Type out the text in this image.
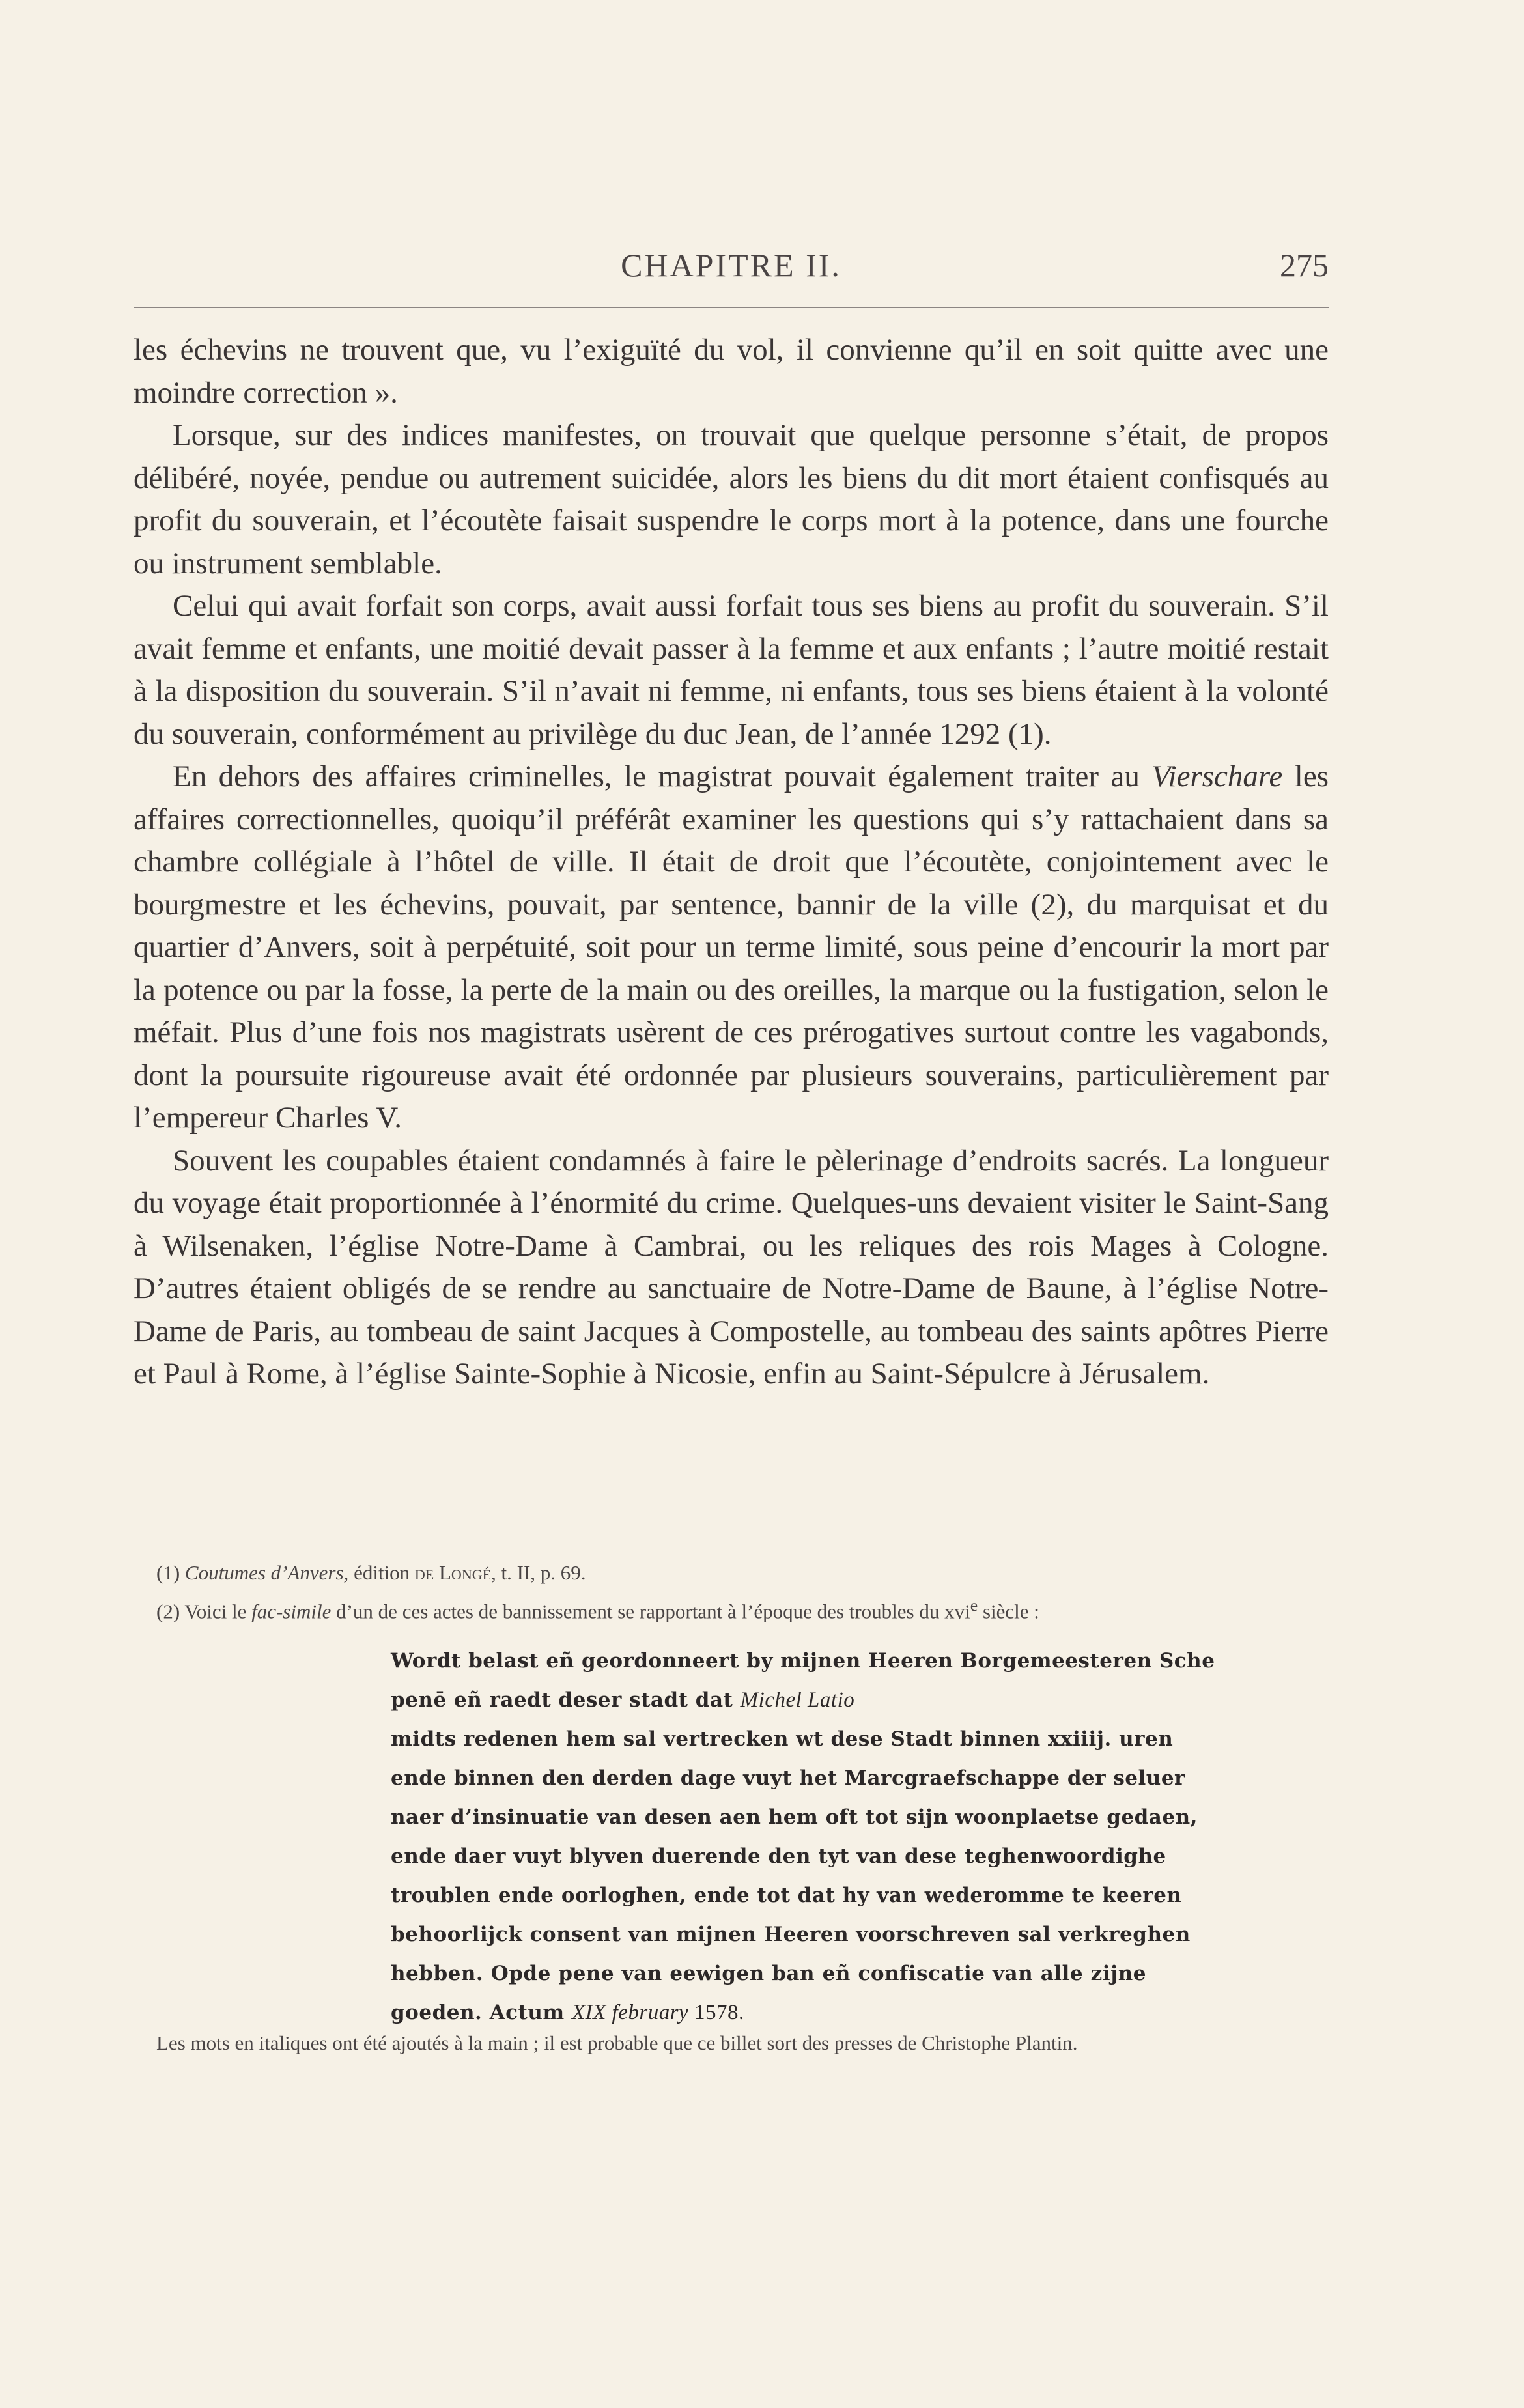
CHAPITRE II.	275

les échevins ne trouvent que, vu l’exiguïté du vol, il convienne qu’il en soit quitte avec une moindre correction ».

Lorsque, sur des indices manifestes, on trouvait que quelque personne s’était, de propos délibéré, noyée, pendue ou autrement suicidée, alors les biens du dit mort étaient confisqués au profit du souverain, et l’écoutète faisait suspendre le corps mort à la potence, dans une fourche ou instrument semblable.

Celui qui avait forfait son corps, avait aussi forfait tous ses biens au profit du souverain. S’il avait femme et enfants, une moitié devait passer à la femme et aux enfants ; l’autre moitié restait à la disposition du souverain. S’il n’avait ni femme, ni enfants, tous ses biens étaient à la volonté du souverain, conformément au privilège du duc Jean, de l’année 1292 (1).

En dehors des affaires criminelles, le magistrat pouvait également traiter au Vierschare les affaires correctionnelles, quoiqu’il préférât examiner les questions qui s’y rattachaient dans sa chambre collégiale à l’hôtel de ville. Il était de droit que l’écoutète, conjointement avec le bourgmestre et les échevins, pouvait, par sentence, bannir de la ville (2), du marquisat et du quartier d’Anvers, soit à perpétuité, soit pour un terme limité, sous peine d’encourir la mort par la potence ou par la fosse, la perte de la main ou des oreilles, la marque ou la fustigation, selon le méfait. Plus d’une fois nos magistrats usèrent de ces prérogatives surtout contre les vagabonds, dont la poursuite rigoureuse avait été ordonnée par plusieurs souverains, particulièrement par l’empereur Charles V.

Souvent les coupables étaient condamnés à faire le pèlerinage d’endroits sacrés. La longueur du voyage était proportionnée à l’énormité du crime. Quelques-uns devaient visiter le Saint-Sang à Wilsenaken, l’église Notre-Dame à Cambrai, ou les reliques des rois Mages à Cologne. D’autres étaient obligés de se rendre au sanctuaire de Notre-Dame de Baune, à l’église Notre-Dame de Paris, au tombeau de saint Jacques à Compostelle, au tombeau des saints apôtres Pierre et Paul à Rome, à l’église Sainte-Sophie à Nicosie, enfin au Saint-Sépulcre à Jérusalem.

(1) Coutumes d’Anvers, édition de Longé, t. II, p. 69.

(2) Voici le fac-simile d’un de ces actes de bannissement se rapportant à l’époque des troubles du xvi$^e$ siècle :

Wordt belast eñ geordonneert by mijnen Heeren Borgemeesteren Sche
penē eñ raedt deser stadt dat Michel Latio
midts redenen hem sal vertrecken wt dese Stadt binnen xxiiij. uren
ende binnen den derden dage vuyt het Marcgraefschappe der seluer
naer d’insinuatie van desen aen hem oft tot sijn woonplaetse gedaen,
ende daer vuyt blyven duerende den tyt van dese teghenwoordighe
troublen ende oorloghen, ende tot dat hy van wederomme te keeren
behoorlijck consent van mijnen Heeren voorschreven sal verkreghen
hebben. Opde pene van eewigen ban eñ confiscatie van alle zijne
goeden. Actum XIX february 1578.
Les mots en italiques ont été ajoutés à la main ; il est probable que ce billet sort des presses de Christophe Plantin.
